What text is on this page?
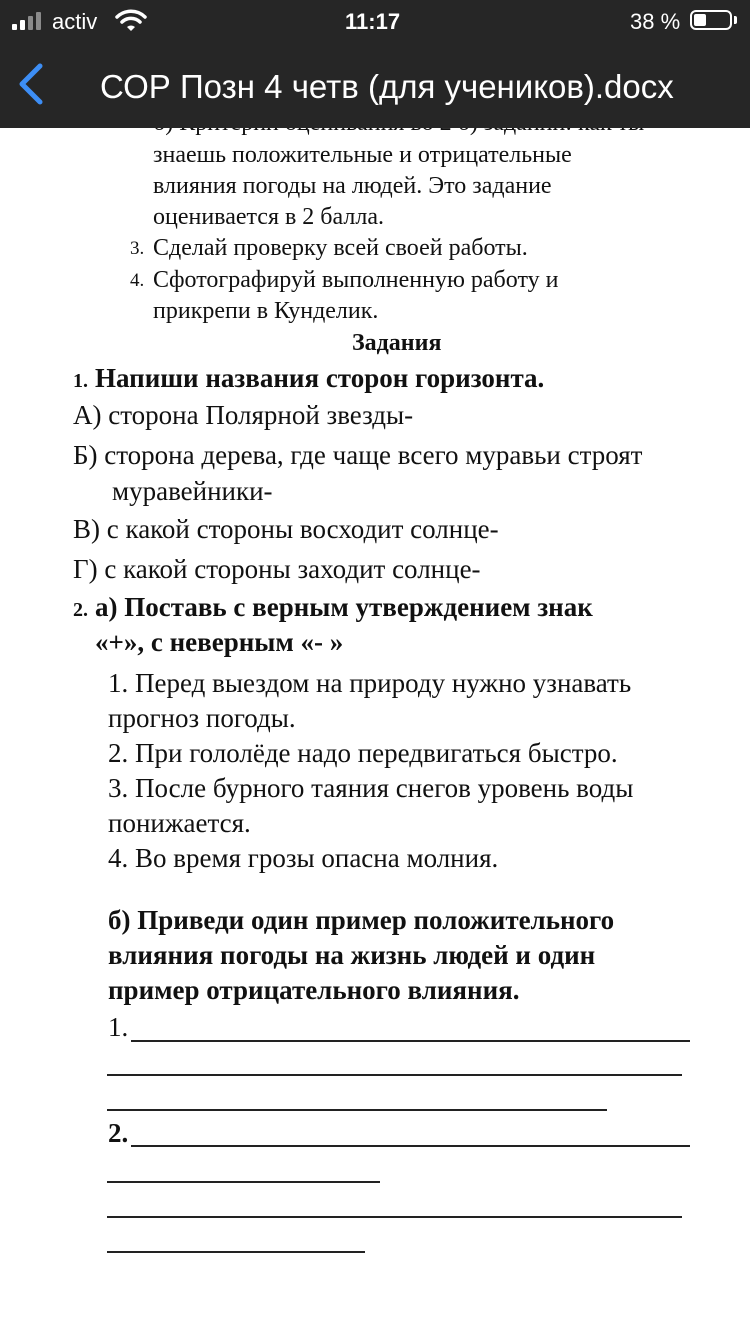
знаешь положительные и отрицательные
влияния погоды на людей. Это задание
оценивается в 2 балла.
3. Сделай проверку всей своей работы.
4. Сфотографируй выполненную работу и
прикрепи в Кунделик.
Задания
1. Напиши названия сторон горизонта.
А) сторона Полярной звезды-
Б) сторона дерева, где чаще всего муравьи строят
муравейники-
В) с какой стороны восходит солнце-
Г) с какой стороны заходит солнце-
2. а) Поставь с верным утверждением знак
«+», с неверным «- »
1. Перед выездом на природу нужно узнавать
прогноз погоды.
2. При гололёде надо передвигаться быстро.
3. После бурного таяния снегов уровень воды
понижается.
4. Во время грозы опасна молния.
б) Приведи один пример положительного
влияния погоды на жизнь людей и один
пример отрицательного влияния.
1.
2.
activ	11:17	38 %
СОР Позн 4 четв (для учеников).docx
